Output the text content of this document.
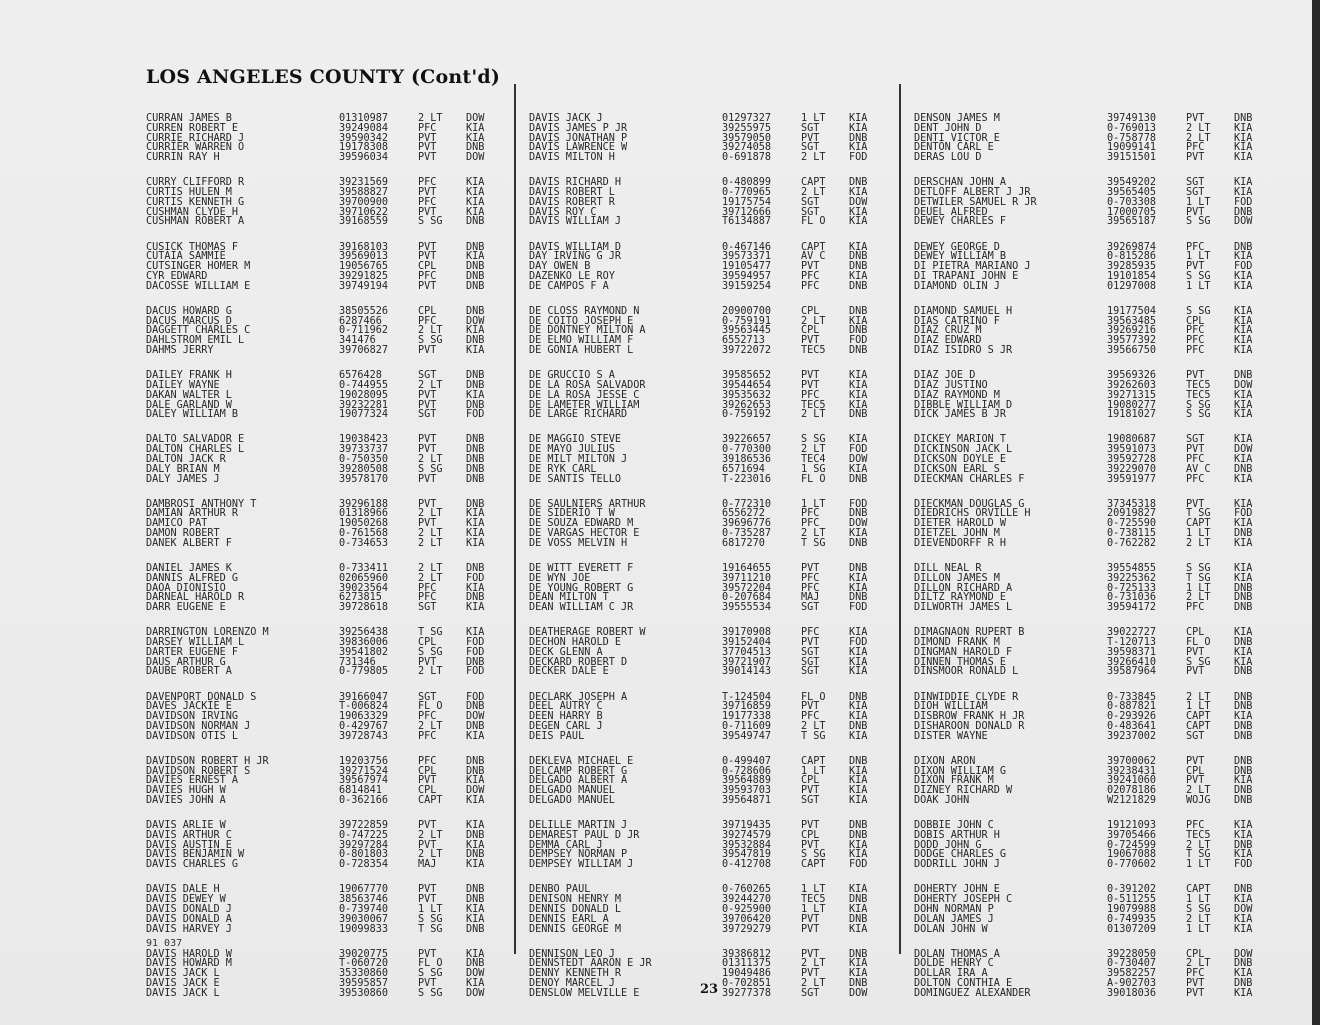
LOS ANGELES COUNTY (Cont'd)
CURRAN JAMES B	01310987	2 LT DOW
CURREN ROBERT E	39249084	PFC	KIA
CURRIE RICHARD J	39590342	PVT	KIA
CURRIER WARREN O	19178308	PVT	DNB
CURRIN RAY H	39596034	PVT	DOW
CURRY CLIFFORD R	39231569	PFC	KIA
CURTIS HULEN M	39588827	PVT	KIA
CURTIS KENNETH G	39700900	PFC	KIA
CUSHMAN CLYDE H	39710622	PVT	KIA
CUSHMAN ROBERT A	39168559	S SG DNB
CUSICK THOMAS F	39168103	PVT	DNB
CUTAIA SAMMIE	39569013	PVT	KIA
CUTSINGER HOMER M	19056765	CPL	DNB
CYR EDWARD	39291825	PFC	DNB
DACOSSE WILLIAM E	39749194	PVT	DNB
DACUS HOWARD G	38505526	CPL	DNB
DACUS MARCUS D	6287466	PFC	DOW
DAGGETT CHARLES C	0-711962	2 LT KIA
DAHLSTROM EMIL L	341476	S SG DNB
DAHMS JERRY	39706827	PVT	KIA
DAILEY FRANK H	6576428	SGT	DNB
DAILEY WAYNE	0-744955	2 LT DNB
DAKAN WALTER L	19028095	PVT	KIA
DALE GARLAND W	39232281	PVT	DNB
DALEY WILLIAM B	19077324	SGT	FOD
DALTO SALVADOR E	19038423	PVT	DNB
DALTON CHARLES L	39733737	PVT	DNB
DALTON JACK R	0-750350	2 LT DNB
DALY BRIAN M	39280508	S SG DNB
DALY JAMES J	39578170	PVT	DNB
DAMBROSI ANTHONY T	39296188	PVT	DNB
DAMIAN ARTHUR R	01318966	2 LT KIA
DAMICO PAT	19050268	PVT	KIA
DAMON ROBERT	0-761568	2 LT KIA
DANEK ALBERT F	0-734653	2 LT KIA
DANIEL JAMES K	0-733411	2 LT DNB
DANNIS ALFRED G	02065960	2 LT FOD
DAOA DIONISIO	39023564	PFC	KIA
DARNEAL HAROLD R	6273815	PFC	DNB
DARR EUGENE E	39728618	SGT	KIA
DARRINGTON LORENZO M	39256438	T SG KIA
DARSEY WILLIAM L	39836006	CPL	FOD
DARTER EUGENE F	39541802	S SG FOD
DAUS ARTHUR G	731346	PVT	DNB
DAUBE ROBERT A	0-779805	2 LT FOD
DAVENPORT DONALD S	39166047	SGT	FOD
DAVES JACKIE E	T-006824	FL O DNB
DAVIDSON IRVING	19063329	PFC	DOW
DAVIDSON NORMAN J	0-429767	2 LT DNB
DAVIDSON OTIS L	39728743	PFC	KIA
DAVIDSON ROBERT H JR	19203756	PFC	DNB
DAVIDSON ROBERT S	39271524	CPL	DNB
DAVIES ERNEST A	39567974	PVT	KIA
DAVIES HUGH W	6814841	CPL	DOW
DAVIES JOHN A	0-362166	CAPT KIA
DAVIS ARLIE W	39722859	PVT	KIA
DAVIS ARTHUR C	0-747225	2 LT DNB
DAVIS AUSTIN E	39297284	PVT	KIA
DAVIS BENJAMIN W	0-801803	2 LT DNB
DAVIS CHARLES G	0-728354	MAJ	KIA
DAVIS DALE H	19067770	PVT	DNB
DAVIS DEWEY W	38563746	PVT	DNB
DAVIS DONALD J	0-739740	1 LT KIA
DAVIS DONALD A	39030067	S SG KIA
DAVIS HARVEY J	19099833	T SG DNB
DAVIS HAROLD W	39020775	PVT	KIA
DAVIS HOWARD M	T-060720	FL O DNB
DAVIS JACK L	35330860	S SG DOW
DAVIS JACK E	39595857	PVT	KIA
DAVIS JACK L	39530860	S SG DOW
DAVIS JACK J	01297327	1 LT KIA
DAVIS JAMES P JR	39255975	SGT	KIA
DAVIS JONATHAN P	39579050	PVT	DNB
DAVIS LAWRENCE W	39274058	SGT	KIA
DAVIS MILTON H	0-691878	2 LT FOD
DAVIS RICHARD H	0-480899	CAPT DNB
DAVIS ROBERT L	0-770965	2 LT KIA
DAVIS ROBERT R	19175754	SGT	DOW
DAVIS ROY C	39712666	SGT	KIA
DAVIS WILLIAM J	T6134887	FL O KIA
DAVIS WILLIAM D	0-467146	CAPT KIA
DAY IRVING G JR	39573371	AV C DNB
DAY OWEN B	19105477	PVT	DNB
DAZENKO LE ROY	39594957	PFC	KIA
DE CAMPOS F A	39159254	PFC	DNB
DE CLOSS RAYMOND N	20900700	CPL	DNB
DE COITO JOSEPH E	0-759191	2 LT KIA
DE DONTNEY MILTON A	39563445	CPL	DNB
DE ELMO WILLIAM F	6552713	PVT	FOD
DE GONIA HUBERT L	39722072	TEC5 DNB
DE GRUCCIO S A	39585652	PVT	KIA
DE LA ROSA SALVADOR	39544654	PVT	KIA
DE LA ROSA JESSE C	39535632	PFC	KIA
DE LAMETER WILLIAM	39262653	TEC5 KIA
DE LARGE RICHARD	0-759192	2 LT DNB
DE MAGGIO STEVE	39226657	S SG KIA
DE MAYO JULIUS	0-770300	2 LT FOD
DE MILT MILTON J	39186536	TEC4 DOW
DE RYK CARL	6571694	1 SG KIA
DE SANTIS TELLO	T-223016	FL O DNB
DE SAULNIERS ARTHUR	0-772310	1 LT FOD
DE SIDERIO T W	6556272	PFC	DNB
DE SOUZA EDWARD M	39696776	PFC	DOW
DE VARGAS HECTOR E	0-735287	2 LT KIA
DE VOSS MELVIN H	6817270	T SG DNB
DE WITT EVERETT F	19164655	PVT	DNB
DE WYN JOE	39711210	PFC	KIA
DE YOUNG ROBERT G	39572204	PFC	KIA
DEAN MILTON T	0-207684	MAJ	DNB
DEAN WILLIAM C JR	39555534	SGT	FOD
DEATHERAGE ROBERT W	39170908	PFC	KIA
DECHON HAROLD E	39152404	PVT	FOD
DECK GLENN A	37704513	SGT	KIA
DECKARD ROBERT D	39721907	SGT	KIA
DECKER DALE E	39014143	SGT	KIA
DECLARK JOSEPH A	T-124504	FL O DNB
DEEL AUTRY C	39716859	PVT	KIA
DEEN HARRY B	19177338	PFC	KIA
DEGEN CARL J	0-711609	2 LT DNB
DEIS PAUL	39549747	T SG KIA
DEKLEVA MICHAEL E	0-499407	CAPT DNB
DELCAMP ROBERT G	0-728606	1 LT KIA
DELGADO ALBERT A	39564889	CPL	KIA
DELGADO MANUEL	39593703	PVT	KIA
DELGADO MANUEL	39564871	SGT	KIA
DELILLE MARTIN J	39719435	PVT	DNB
DEMAREST PAUL D JR	39274579	CPL	DNB
DEMMA CARL J	39532884	PVT	KIA
DEMPSEY NORMAN P	39547819	S SG KIA
DEMPSEY WILLIAM J	0-412708	CAPT FOD
DENBO PAUL	0-760265	1 LT KIA
DENISON HENRY M	39244270	TEC5 DNB
DENNIS DONALD L	0-925900	1 LT KIA
DENNIS EARL A	39706420	PVT	DNB
DENNIS GEORGE M	39729279	PVT	KIA
DENNISON LEO J	39386812	PVT	DNB
DENNSTEDT AARON E JR	01311375	2 LT KIA
DENNY KENNETH R	19049486	PVT	KIA
DENOY MARCEL J	0-702851	2 LT DNB
DENSLOW MELVILLE E	39277378	SGT	DOW
DENSON JAMES M	39749130	PVT	DNB
DENT JOHN D	0-769013	2 LT KIA
DENTI VICTOR E	0-758778	2 LT KIA
DENTON CARL E	19099141	PFC	KIA
DERAS LOU D	39151501	PVT	KIA
DERSCHAN JOHN A	39549202	SGT	KIA
DETLOFF ALBERT J JR	39565405	SGT	KIA
DETWILER SAMUEL R JR	0-703308	1 LT FOD
DEUEL ALFRED	17000705	PVT	DNB
DEWEY CHARLES F	39565187	S SG DOW
DEWEY GEORGE D	39269874	PFC	DNB
DEWEY WILLIAM B	0-815286	1 LT KIA
DI PIETRA MARIANO J	39285935	PVT	FOD
DI TRAPANI JOHN E	19101854	S SG KIA
DIAMOND OLIN J	01297008	1 LT KIA
DIAMOND SAMUEL H	19177504	S SG KIA
DIAS CATRINO F	39563485	CPL	KIA
DIAZ CRUZ M	39269216	PFC	KIA
DIAZ EDWARD	39577392	PFC	KIA
DIAZ ISIDRO S JR	39566750	PFC	KIA
DIAZ JOE D	39569326	PVT	DNB
DIAZ JUSTINO	39262603	TEC5 DOW
DIAZ RAYMOND M	39271315	TEC5 KIA
DIBBLE WILLIAM D	19080277	S SG KIA
DICK JAMES B JR	19181027	S SG KIA
DICKEY MARION T	19080687	SGT	KIA
DICKINSON JACK L	39591073	PVT	DOW
DICKSON DOYLE E	39592728	PFC	KIA
DICKSON EARL S	39229070	AV C DNB
DIECKMAN CHARLES F	39591977	PFC	KIA
DIECKMAN DOUGLAS G	37345318	PVT	KIA
DIEDRICHS ORVILLE H	20919827	T SG FOD
DIETER HAROLD W	0-725590	CAPT KIA
DIETZEL JOHN M	0-738115	1 LT DNB
DIEVENDORFF R H	0-762282	2 LT KIA
DILL NEAL R	39554855	S SG KIA
DILLON JAMES M	39225362	T SG KIA
DILLON RICHARD A	0-725133	1 LT DNB
DILTZ RAYMOND E	0-731036	2 LT DNB
DILWORTH JAMES L	39594172	PFC	DNB
DIMAGNAON RUPERT B	39022727	CPL	KIA
DIMOND FRANK M	T-120713	FL O DNB
DINGMAN HAROLD F	39598371	PVT	KIA
DINNEN THOMAS E	39266410	S SG KIA
DINSMOOR RONALD L	39587964	PVT	DNB
DINWIDDIE CLYDE R	0-733845	2 LT DNB
DIOH WILLIAM	0-887821	1 LT DNB
DISBROW FRANK H JR	0-293926	CAPT KIA
DISHAROON DONALD R	0-483641	CAPT DNB
DISTER WAYNE	39237002	SGT	DNB
DIXON ARON	39700062	PVT	DNB
DIXON WILLIAM G	39238431	CPL	DNB
DIXON FRANK M	39241060	PVT	KIA
DIZNEY RICHARD W	02078186	2 LT DNB
DOAK JOHN	W2121829	WOJG DNB
DOBBIE JOHN C	19121093	PFC	KIA
DOBIS ARTHUR H	39705466	TEC5 KIA
DODD JOHN G	0-724599	2 LT DNB
DODGE CHARLES G	19067088	T SG KIA
DODRILL JOHN J	0-770602	1 LT FOD
DOHERTY JOHN E	0-391202	CAPT DNB
DOHERTY JOSEPH C	0-511255	1 LT KIA
DOHN NORMAN P	19079988	S SG DOW
DOLAN JAMES J	0-749935	2 LT KIA
DOLAN JOHN W	01307209	1 LT KIA
DOLAN THOMAS A	39228050	CPL	DOW
DOLDE HENRY C	0-730407	2 LT DNB
DOLLAR IRA A	39582257	PFC	KIA
DOLTON CONTHIA E	A-902703	PVT	DNB
DOMINGUEZ ALEXANDER	39018036	PVT	KIA
91 037
23
